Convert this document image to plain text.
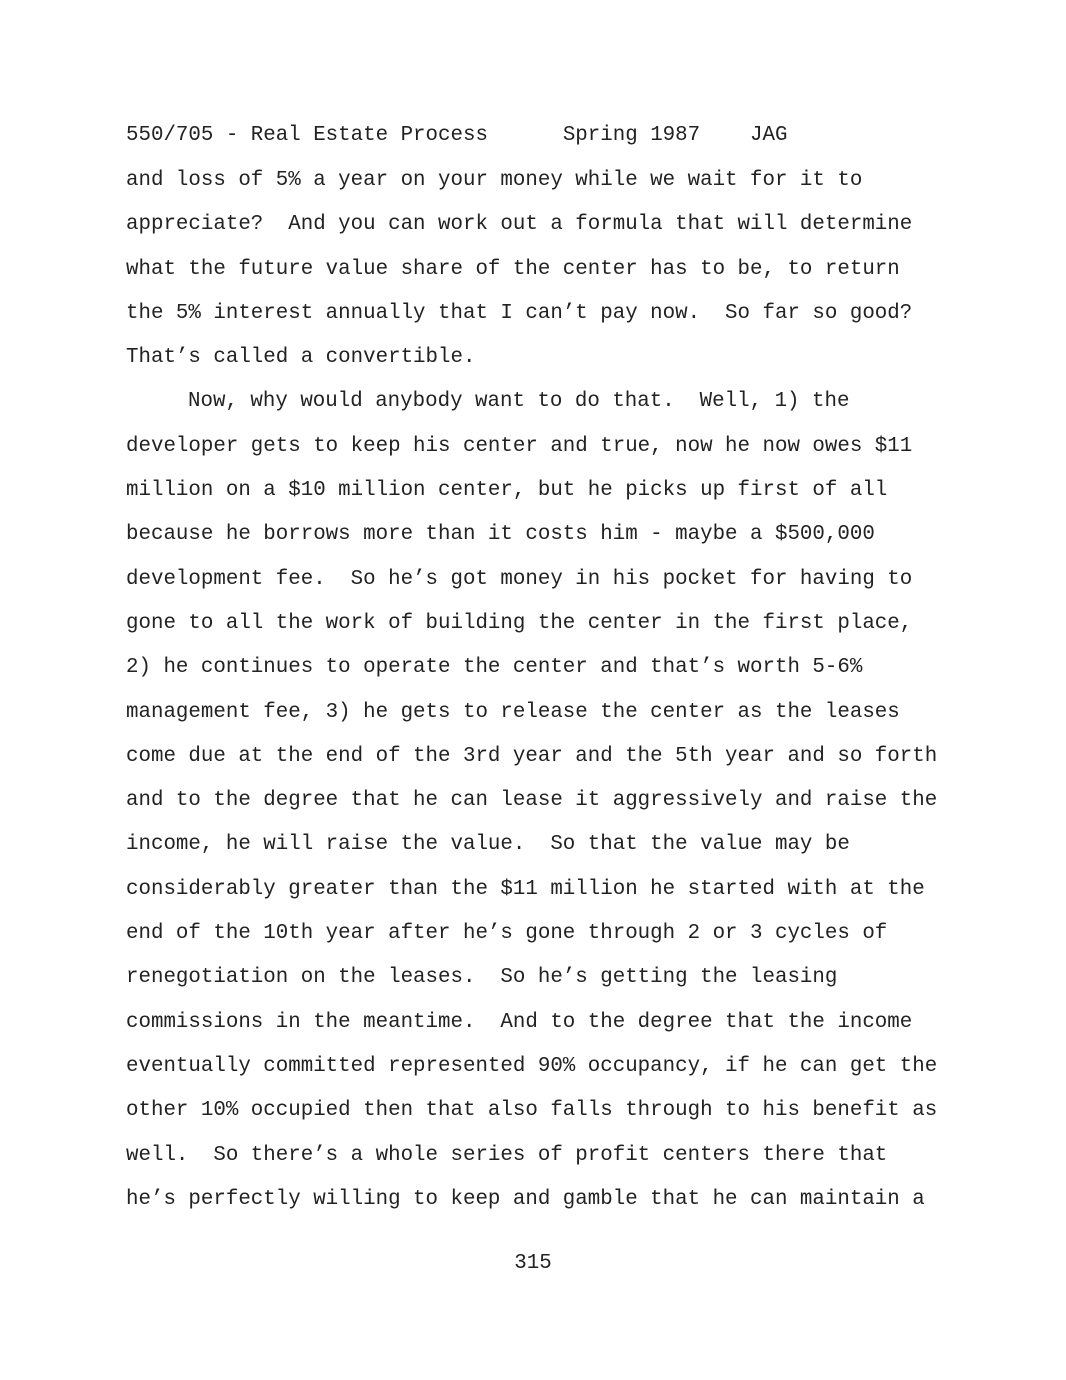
550/705 - Real Estate Process	Spring 1987 JAG
and loss of 5% a year on your money while we wait for it to
appreciate?  And you can work out a formula that will determine
what the future value share of the center has to be, to return
the 5% interest annually that I can’t pay now.  So far so good?
That’s called a convertible.
Now, why would anybody want to do that.  Well, 1) the
developer gets to keep his center and true, now he now owes $11
million on a $10 million center, but he picks up first of all
because he borrows more than it costs him - maybe a $500,000
development fee.  So he’s got money in his pocket for having to
gone to all the work of building the center in the first place,
2) he continues to operate the center and that’s worth 5-6%
management fee, 3) he gets to release the center as the leases
come due at the end of the 3rd year and the 5th year and so forth
and to the degree that he can lease it aggressively and raise the
income, he will raise the value.  So that the value may be
considerably greater than the $11 million he started with at the
end of the 10th year after he’s gone through 2 or 3 cycles of
renegotiation on the leases.  So he’s getting the leasing
commissions in the meantime.  And to the degree that the income
eventually committed represented 90% occupancy, if he can get the
other 10% occupied then that also falls through to his benefit as
well.  So there’s a whole series of profit centers there that
he’s perfectly willing to keep and gamble that he can maintain a
315
